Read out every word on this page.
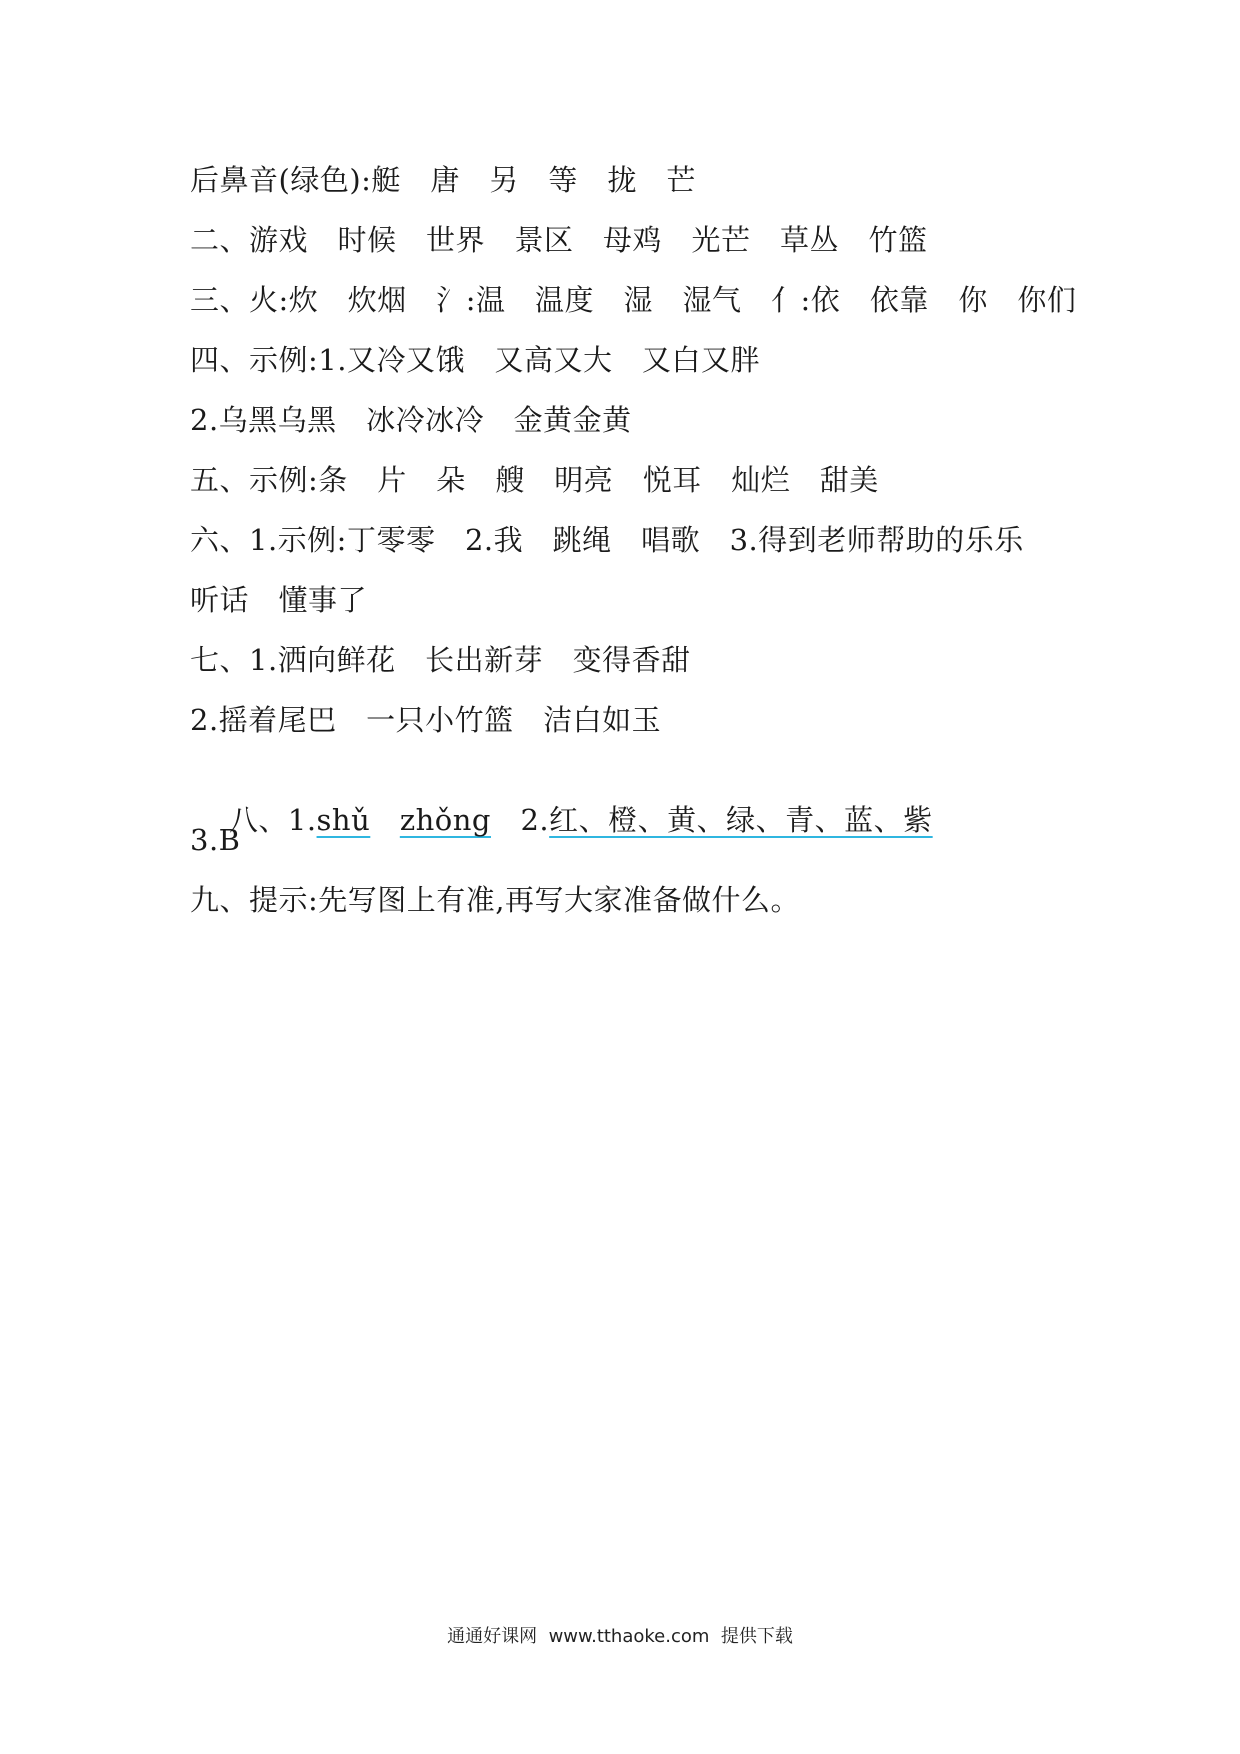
后鼻音(绿色):艇　唐　另　等　拢　芒
二、游戏　时候　世界　景区　母鸡　光芒　草丛　竹篮
三、火:炊　炊烟　氵:温　温度　湿　湿气　亻:依　依靠　你　你们
四、示例:1.又冷又饿　又高又大　又白又胖
2.乌黑乌黑　冰冷冰冷　金黄金黄
五、示例:条　片　朵　艘　明亮　悦耳　灿烂　甜美
六、1.示例:丁零零　2.我　跳绳　唱歌　3.得到老师帮助的乐乐
听话　懂事了
七、1.洒向鲜花　长出新芽　变得香甜
2.摇着尾巴　一只小竹篮　洁白如玉

八、1.shǔ　 zhǒng　2.红、橙、黄、绿、青、蓝、紫

3.B
九、提示:先写图上有准,再写大家准备做什么。
通通好课网  www.tthaoke.com  提供下载
